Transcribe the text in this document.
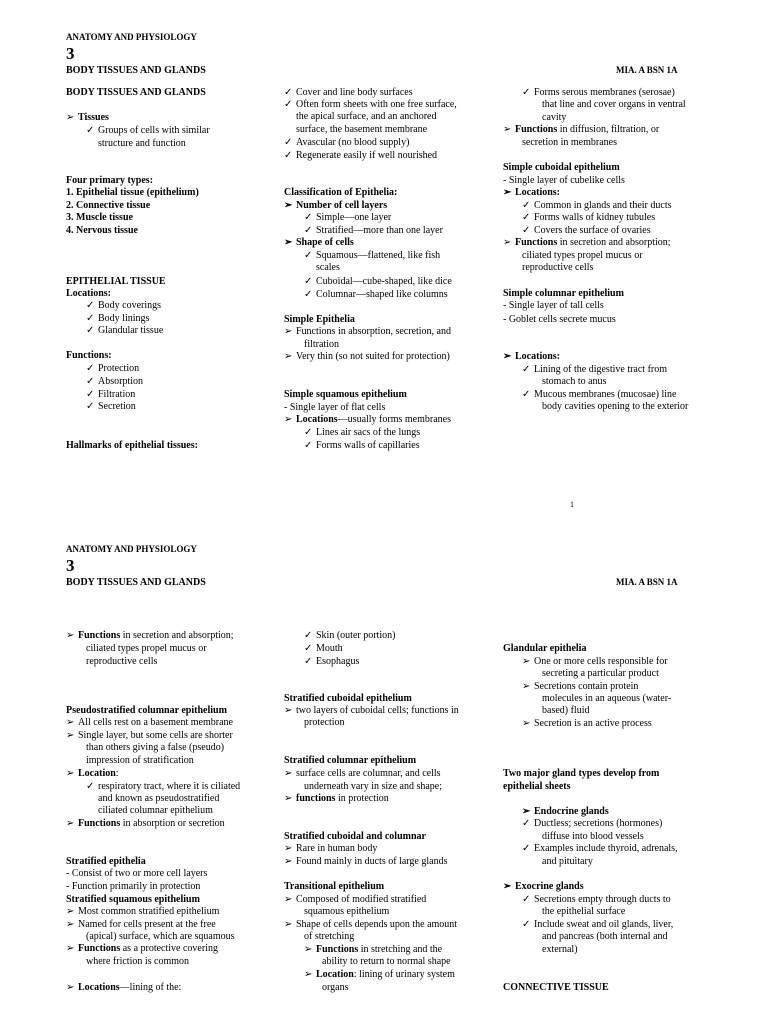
ANATOMY AND PHYSIOLOGY
3
BODY TISSUES AND GLANDS	MIA. A BSN 1A
BODY TISSUES AND GLANDS
➢ Tissues
✓ Groups of cells with similar
structure and function
Four primary types:
1. Epithelial tissue (epithelium)
2. Connective tissue
3. Muscle tissue
4. Nervous tissue
EPITHELIAL TISSUE
Locations:
✓ Body coverings
✓ Body linings
✓ Glandular tissue
Functions:
✓ Protection
✓ Absorption
✓ Filtration
✓ Secretion
Hallmarks of epithelial tissues:
✓ Cover and line body surfaces
✓ Often form sheets with one free surface,
the apical surface, and an anchored
surface, the basement membrane
✓ Avascular (no blood supply)
✓ Regenerate easily if well nourished
Classification of Epithelia:
➢ Number of cell layers
✓ Simple—one layer
✓ Stratified—more than one layer
➢ Shape of cells
✓ Squamous—flattened, like fish
scales
✓ Cuboidal—cube-shaped, like dice
✓ Columnar—shaped like columns
Simple Epithelia
➢ Functions in absorption, secretion, and
filtration
➢ Very thin (so not suited for protection)
Simple squamous epithelium
- Single layer of flat cells
➢ Locations—usually forms membranes
✓ Lines air sacs of the lungs
✓ Forms walls of capillaries
✓ Forms serous membranes (serosae)
that line and cover organs in ventral
cavity
➢ Functions in diffusion, filtration, or
secretion in membranes
Simple cuboidal epithelium
- Single layer of cubelike cells
➢ Locations:
✓ Common in glands and their ducts
✓ Forms walls of kidney tubules
✓ Covers the surface of ovaries
➢ Functions in secretion and absorption;
ciliated types propel mucus or
reproductive cells
Simple columnar epithelium
- Single layer of tall cells
- Goblet cells secrete mucus
➢ Locations:
✓ Lining of the digestive tract from
stomach to anus
✓ Mucous membranes (mucosae) line
body cavities opening to the exterior
1
ANATOMY AND PHYSIOLOGY
3
BODY TISSUES AND GLANDS	MIA. A BSN 1A
➢ Functions in secretion and absorption;
ciliated types propel mucus or
reproductive cells
Pseudostratified columnar epithelium
➢ All cells rest on a basement membrane
➢ Single layer, but some cells are shorter
than others giving a false (pseudo)
impression of stratification
➢ Location:
✓ respiratory tract, where it is ciliated
and known as pseudostratified
ciliated columnar epithelium
➢ Functions in absorption or secretion
Stratified epithelia
- Consist of two or more cell layers
- Function primarily in protection
Stratified squamous epithelium
➢ Most common stratified epithelium
➢ Named for cells present at the free
(apical) surface, which are squamous
➢ Functions as a protective covering
where friction is common
➢ Locations—lining of the:
✓ Skin (outer portion)
✓ Mouth
✓ Esophagus
Stratified cuboidal epithelium
➢ two layers of cuboidal cells; functions in
protection
Stratified columnar epithelium
➢ surface cells are columnar, and cells
underneath vary in size and shape;
➢ functions in protection
Stratified cuboidal and columnar
➢ Rare in human body
➢ Found mainly in ducts of large glands
Transitional epithelium
➢ Composed of modified stratified
squamous epithelium
➢ Shape of cells depends upon the amount
of stretching
➢ Functions in stretching and the
ability to return to normal shape
➢ Location: lining of urinary system
organs
Glandular epithelia
➢ One or more cells responsible for
secreting a particular product
➢ Secretions contain protein
molecules in an aqueous (water-
based) fluid
➢ Secretion is an active process
Two major gland types develop from
epithelial sheets
➢ Endocrine glands
✓ Ductless; secretions (hormones)
diffuse into blood vessels
✓ Examples include thyroid, adrenals,
and pituitary
➢ Exocrine glands
✓ Secretions empty through ducts to
the epithelial surface
✓ Include sweat and oil glands, liver,
and pancreas (both internal and
external)
CONNECTIVE TISSUE
